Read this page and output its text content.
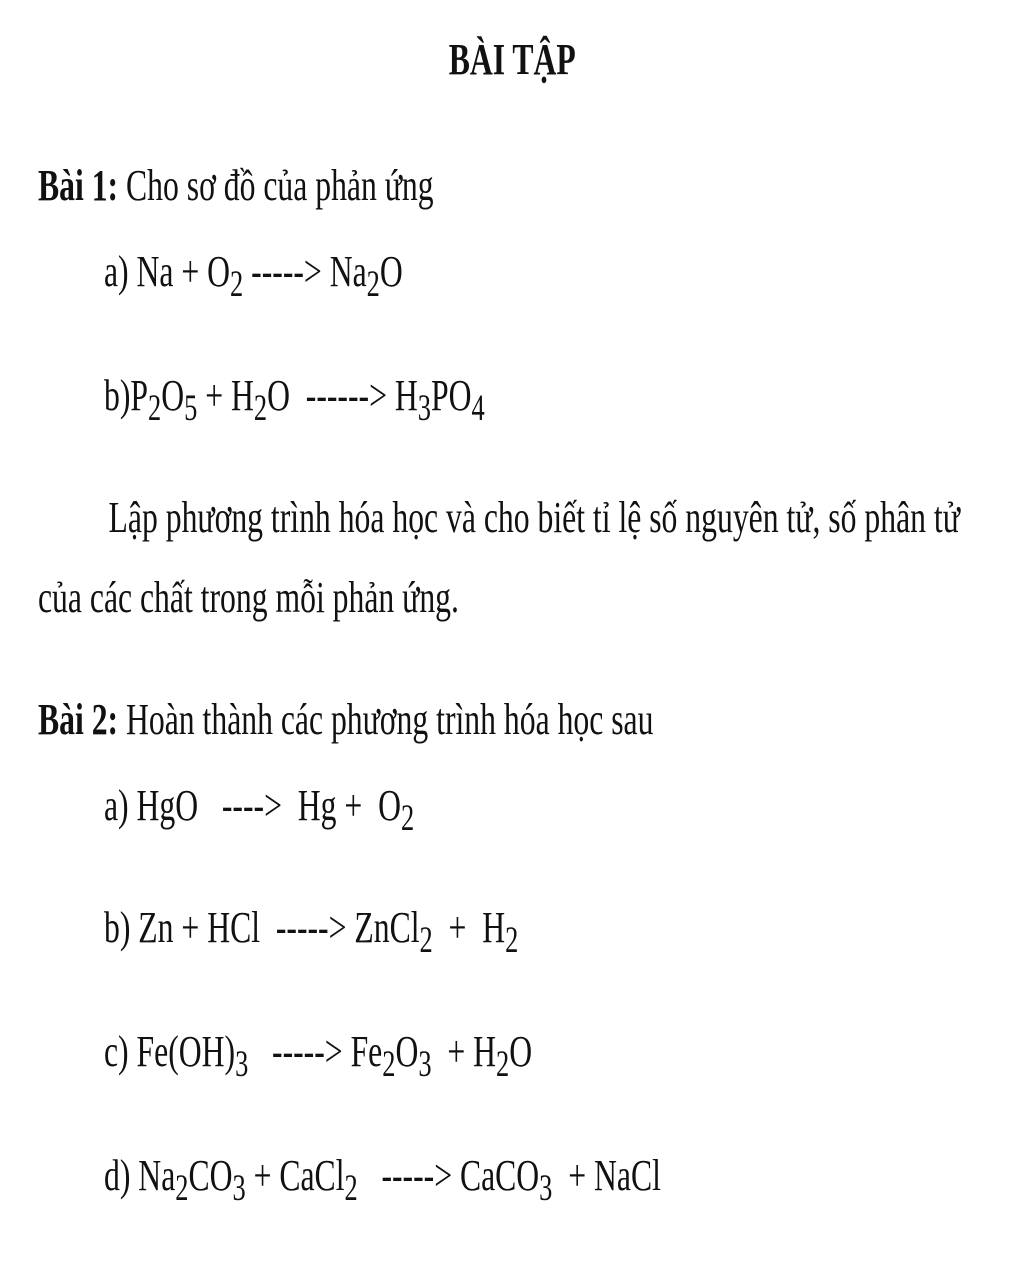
BÀI TẬP
Bài 1: Cho sơ đồ của phản ứng
a) $Na + O_2$ -----> $Na_2O$
$b)P_2O_5 + H_2O$  ------> $H_3PO_4$
Lập phương trình hóa học và cho biết tỉ lệ số nguyên tử, số phân tử của các chất trong mỗi phản ứng.
Bài 2: Hoàn thành các phương trình hóa học sau
a) HgO   ---->  $Hg + O_2$
b) Zn + HCl  -----> ZnCl$_2$  +  $H_2$
c) $Fe(OH)_3$   -----> $Fe_2O_3 + H_2O$
d) $Na_2CO_3$ + CaCl$_2$   -----> CaCO$_3$  + NaCl
